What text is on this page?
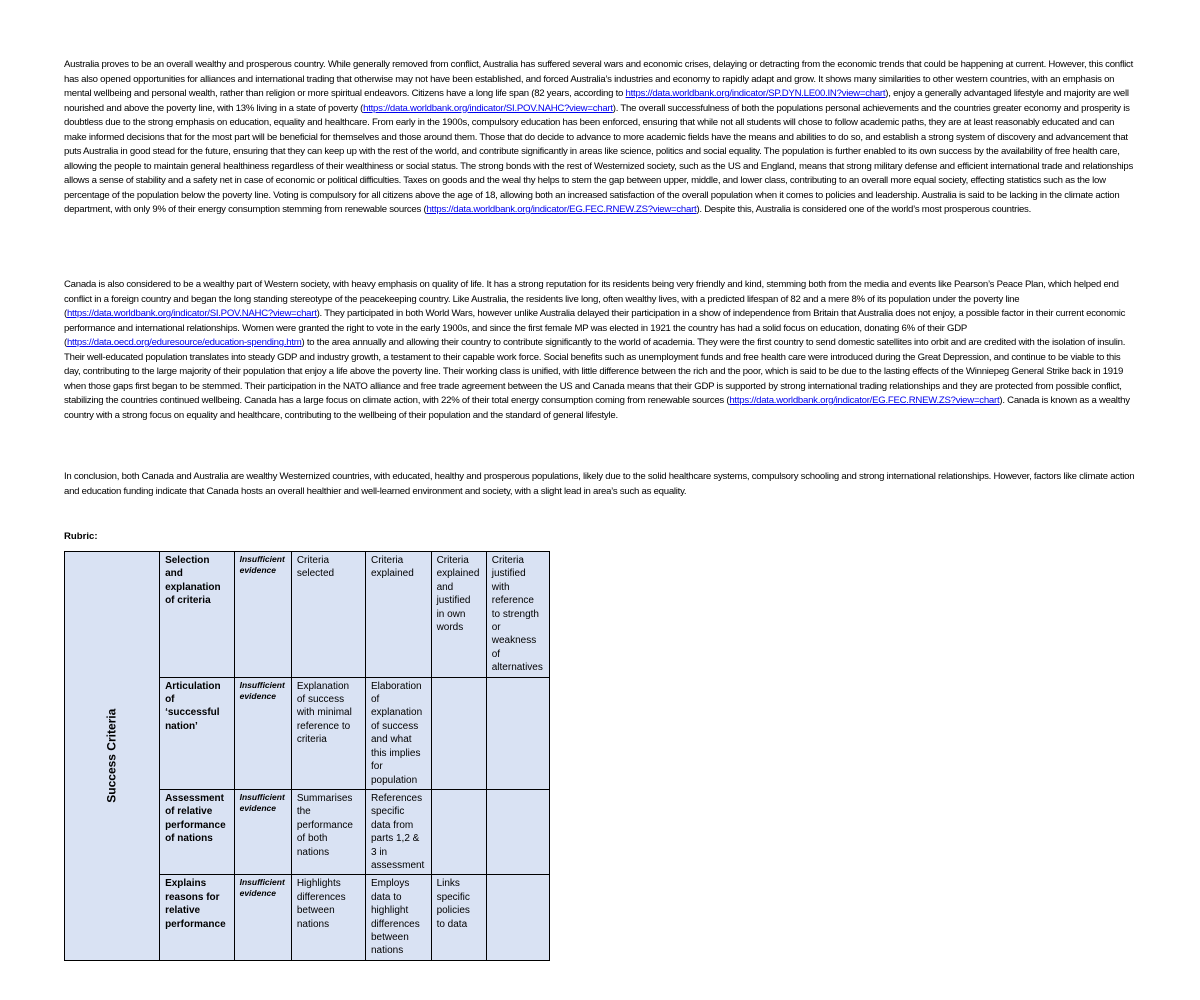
Australia proves to be an overall wealthy and prosperous country. While generally removed from conflict, Australia has suffered several wars and economic crises, delaying or detracting from the economic trends that could be happening at current. However, this conflict has also opened opportunities for alliances and international trading that otherwise may not have been established, and forced Australia’s industries and economy to rapidly adapt and grow. It shows many similarities to other western countries, with an emphasis on mental wellbeing and personal wealth, rather than religion or more spiritual endeavors. Citizens have a long life span (82 years, according to https://data.worldbank.org/indicator/SP.DYN.LE00.IN?view=chart), enjoy a generally advantaged lifestyle and majority are well nourished and above the poverty line, with 13% living in a state of poverty (https://data.worldbank.org/indicator/SI.POV.NAHC?view=chart). The overall successfulness of both the populations personal achievements and the countries greater economy and prosperity is doubtless due to the strong emphasis on education, equality and healthcare. From early in the 1900s, compulsory education has been enforced, ensuring that while not all students will chose to follow academic paths, they are at least reasonably educated and can make informed decisions that for the most part will be beneficial for themselves and those around them. Those that do decide to advance to more academic fields have the means and abilities to do so, and establish a strong system of discovery and advancement that puts Australia in good stead for the future, ensuring that they can keep up with the rest of the world, and contribute significantly in areas like science, politics and social equality. The population is further enabled to its own success by the availability of free health care, allowing the people to maintain general healthiness regardless of their wealthiness or social status. The strong bonds with the rest of Westernized society, such as the US and England, means that strong military defense and efficient international trade and relationships allows a sense of stability and a safety net in case of economic or political difficulties. Taxes on goods and the weal thy helps to stem the gap between upper, middle, and lower class, contributing to an overall more equal society, effecting statistics such as the low percentage of the population below the poverty line. Voting is compulsory for all citizens above the age of 18, allowing both an increased satisfaction of the overall population when it comes to policies and leadership. Australia is said to be lacking in the climate action department, with only 9% of their energy consumption stemming from renewable sources (https://data.worldbank.org/indicator/EG.FEC.RNEW.ZS?view=chart). Despite this, Australia is considered one of the world’s most prosperous countries.

Canada is also considered to be a wealthy part of Western society, with heavy emphasis on quality of life. It has a strong reputation for its residents being very friendly and kind, stemming both from the media and events like Pearson’s Peace Plan, which helped end conflict in a foreign country and began the long standing stereotype of the peacekeeping country. Like Australia, the residents live long, often wealthy lives, with a predicted lifespan of 82 and a mere 8% of its population under the poverty line (https://data.worldbank.org/indicator/SI.POV.NAHC?view=chart). They participated in both World Wars, however unlike Australia delayed their participation in a show of independence from Britain that Australia does not enjoy, a possible factor in their current economic performance and international relationships. Women were granted the right to vote in the early 1900s, and since the first female MP was elected in 1921 the country has had a solid focus on education, donating 6% of their GDP (https://data.oecd.org/eduresource/education-spending.htm) to the area annually and allowing their country to contribute significantly to the world of academia. They were the first country to send domestic satellites into orbit and are credited with the isolation of insulin. Their well-educated population translates into steady GDP and industry growth, a testament to their capable work force. Social benefits such as unemployment funds and free health care were introduced during the Great Depression, and continue to be viable to this day, contributing to the large majority of their population that enjoy a life above the poverty line. Their working class is unified, with little difference between the rich and the poor, which is said to be due to the lasting effects of the Winniepeg General Strike back in 1919 when those gaps first began to be stemmed. Their participation in the NATO alliance and free trade agreement between the US and Canada means that their GDP is supported by strong international trading relationships and they are protected from possible conflict, stabilizing the countries continued wellbeing. Canada has a large focus on climate action, with 22% of their total energy consumption coming from renewable sources (https://data.worldbank.org/indicator/EG.FEC.RNEW.ZS?view=chart). Canada is known as a wealthy country with a strong focus on equality and healthcare, contributing to the wellbeing of their population and the standard of general lifestyle.

In conclusion, both Canada and Australia are wealthy Westernized countries, with educated, healthy and prosperous populations, likely due to the solid healthcare systems, compulsory schooling and strong international relationships. However, factors like climate action and education funding indicate that Canada hosts an overall healthier and well-learned environment and society, with a slight lead in area’s such as equality.

Rubric:

Success Criteria	Selection and explanation of criteria	Insufficient evidence	Criteria selected	Criteria explained	Criteria explained and justified in own words	Criteria justified with reference to strength or weakness of alternatives
	Articulation of ‘successful nation’	Insufficient evidence	Explanation of success with minimal reference to criteria	Elaboration of explanation of success and what this implies for population		
	Assessment of relative performance of nations	Insufficient evidence	Summarises the performance of both nations	References specific data from parts 1,2 & 3 in assessment		
	Explains reasons for relative performance	Insufficient evidence	Highlights differences between nations	Employs data to highlight differences between nations	Links specific policies to data	
